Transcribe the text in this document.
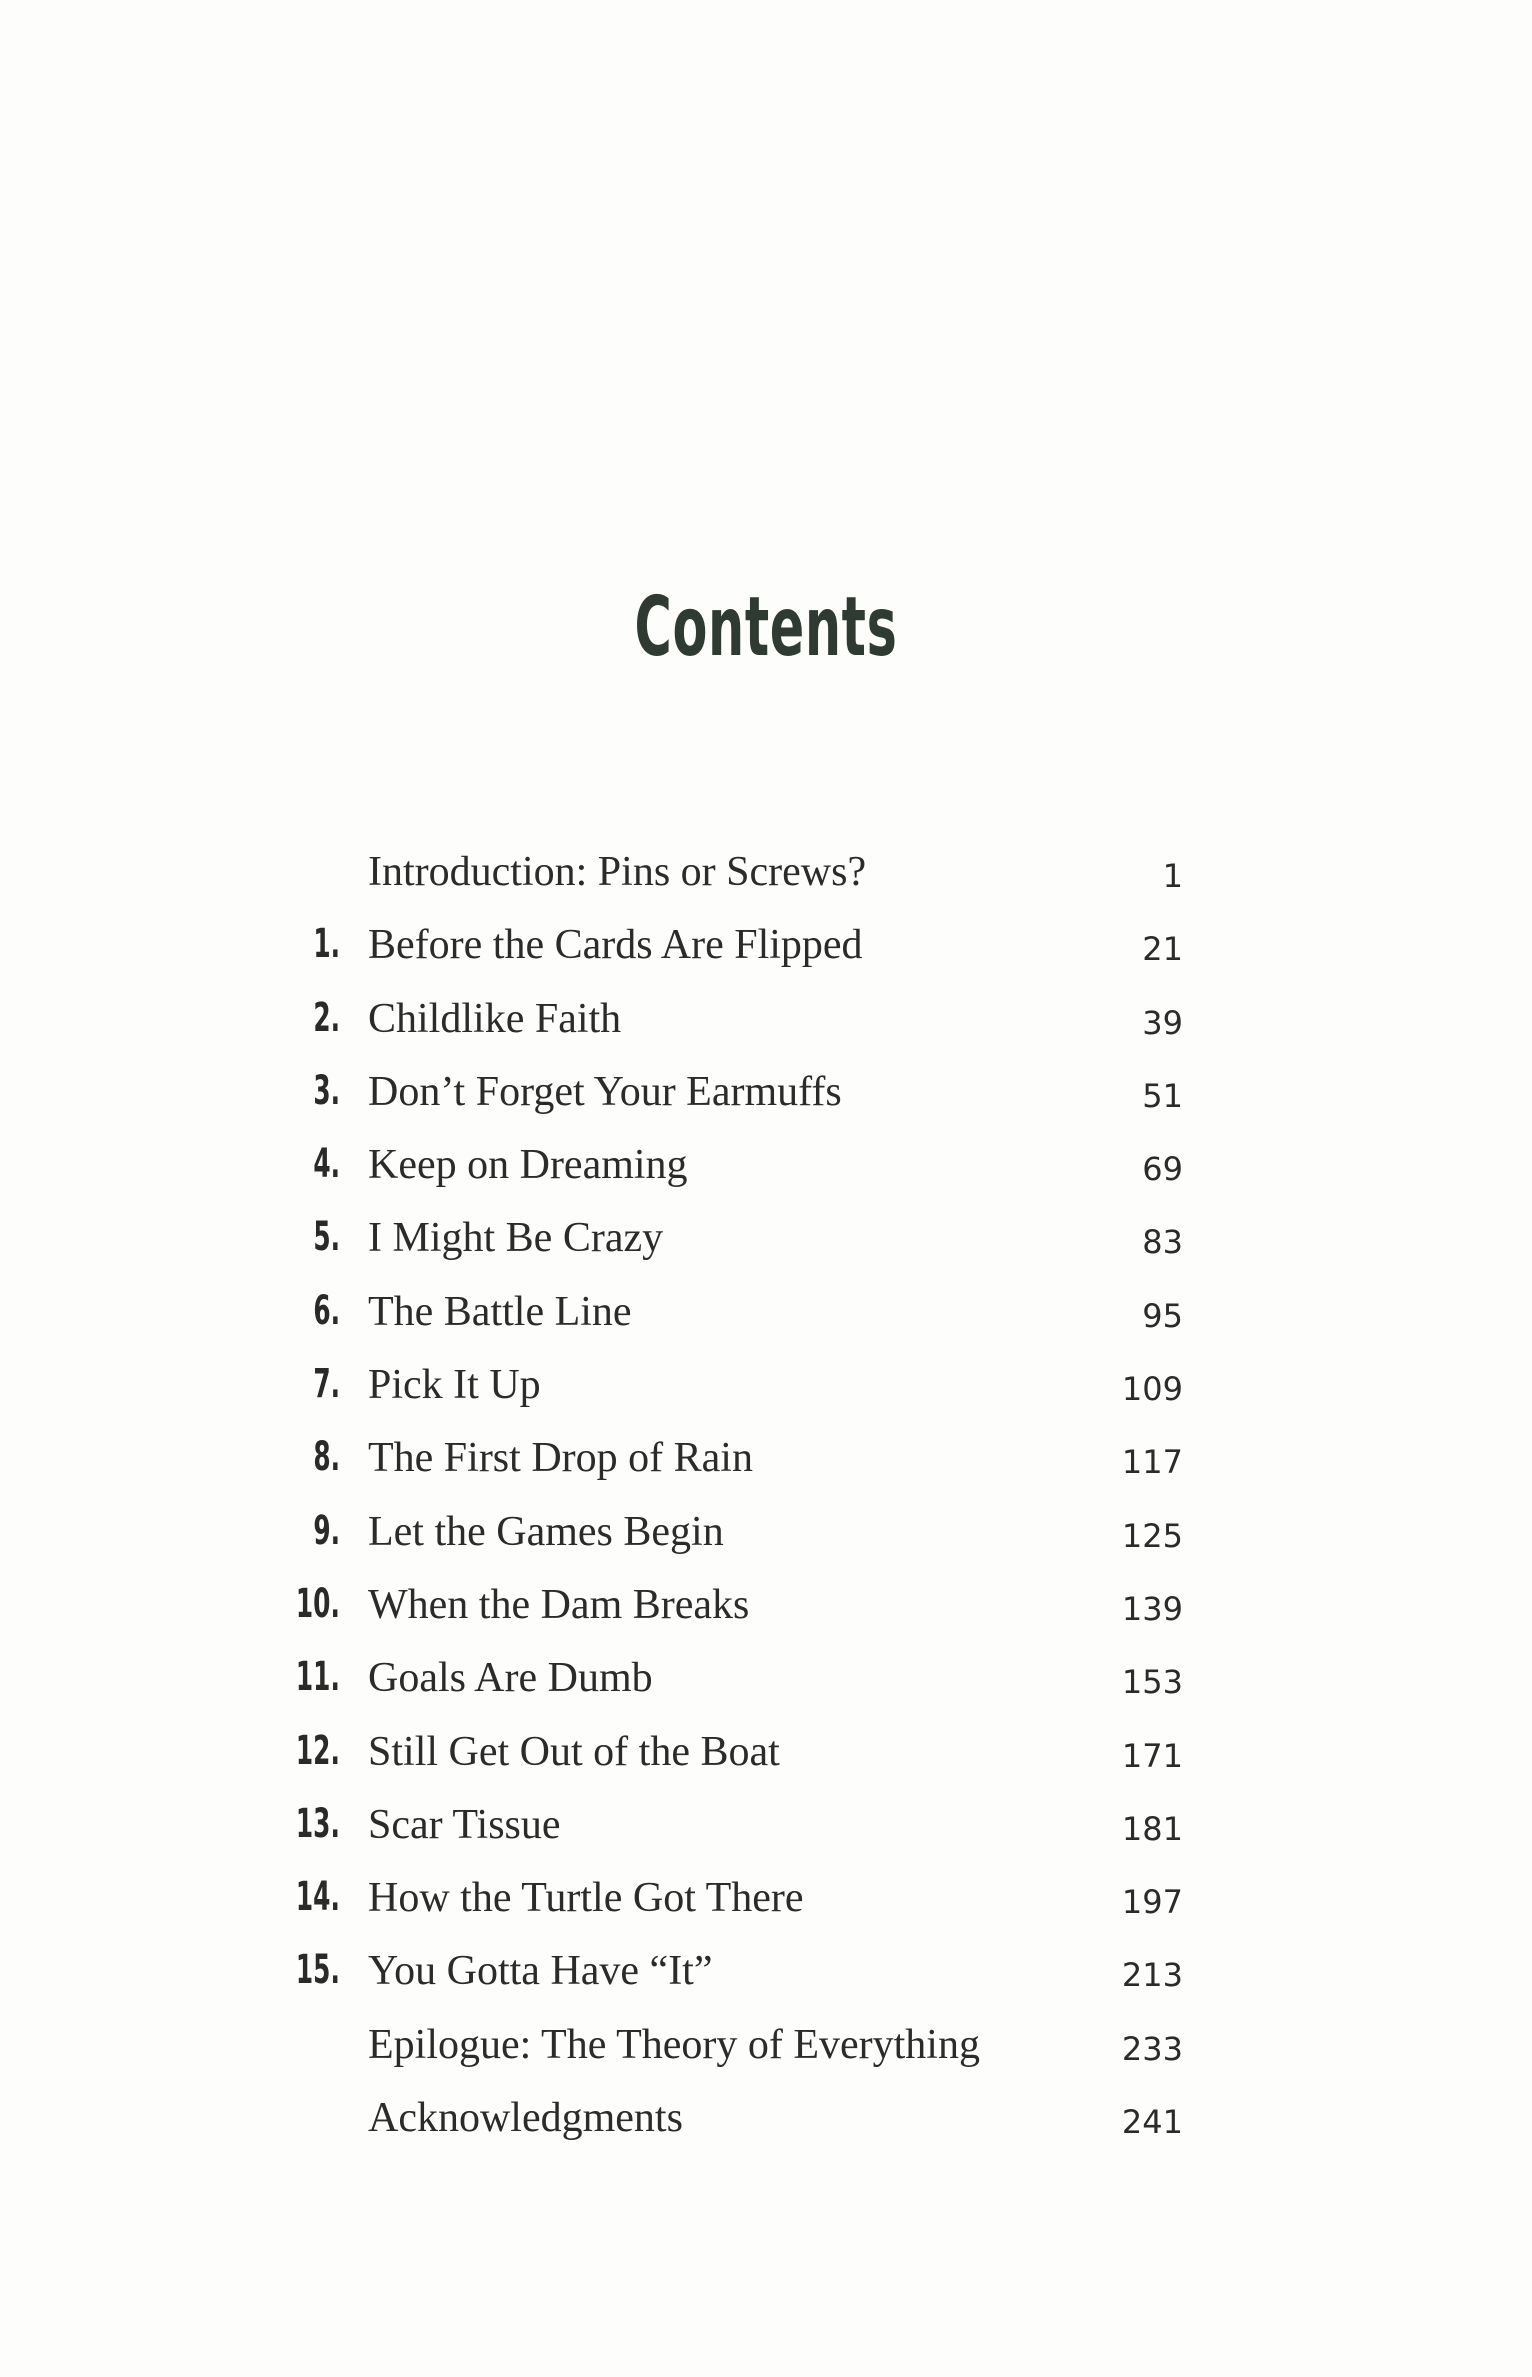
Contents
Introduction: Pins or Screws?	1
1. Before the Cards Are Flipped	21
2. Childlike Faith	39
3. Don’t Forget Your Earmuffs	51
4. Keep on Dreaming	69
5. I Might Be Crazy	83
6. The Battle Line	95
7. Pick It Up	109
8. The First Drop of Rain	117
9. Let the Games Begin	125
10. When the Dam Breaks	139
11. Goals Are Dumb	153
12. Still Get Out of the Boat	171
13. Scar Tissue	181
14. How the Turtle Got There	197
15. You Gotta Have “It”	213
Epilogue: The Theory of Everything	233
Acknowledgments	241
